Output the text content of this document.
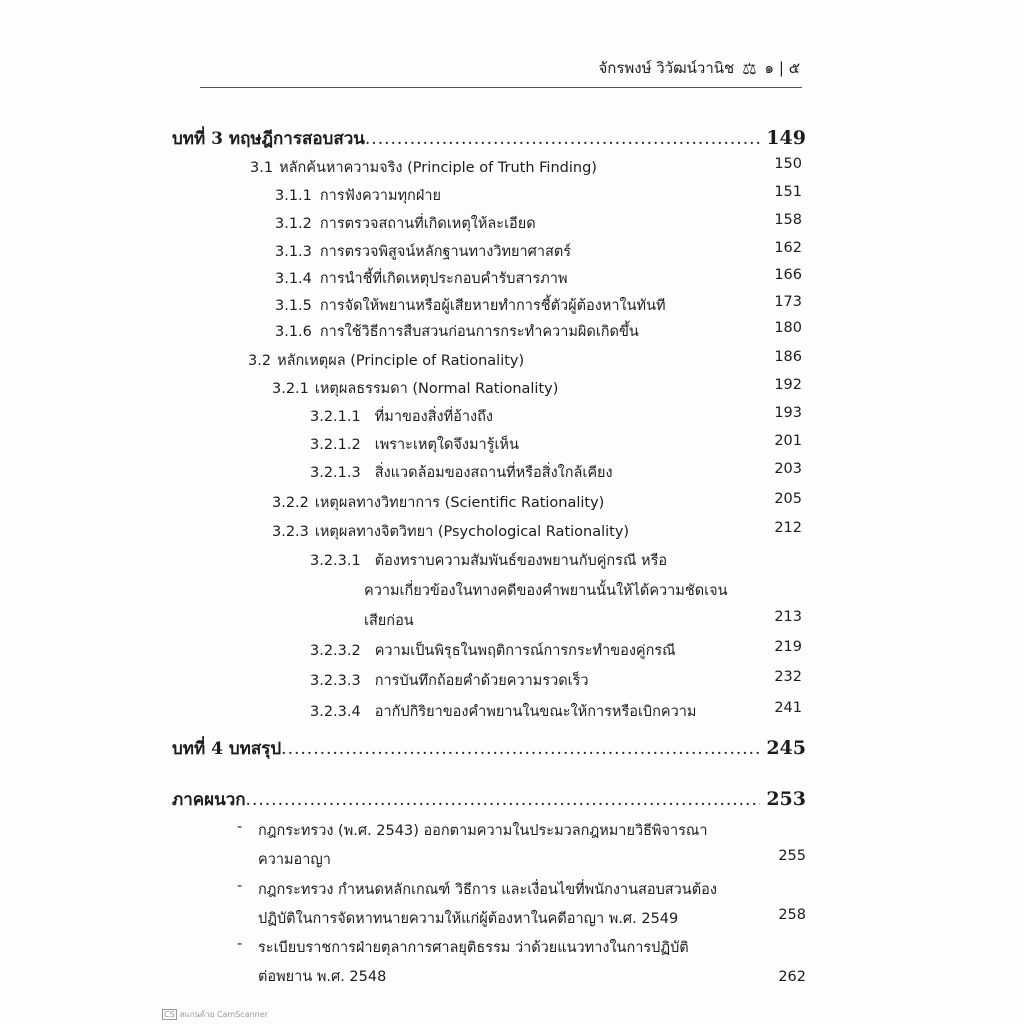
จักรพงษ์ วิวัฒน์วานิช ⚖ ๑ | ๕
บทที่ 3 ทฤษฎีการสอบสวน .....	149
3.1 หลักค้นหาความจริง (Principle of Truth Finding)	150
3.1.1 การฟังความทุกฝ่าย	151
3.1.2 การตรวจสถานที่เกิดเหตุให้ละเอียด	158
3.1.3 การตรวจพิสูจน์หลักฐานทางวิทยาศาสตร์	162
3.1.4 การนำชี้ที่เกิดเหตุประกอบคำรับสารภาพ	166
3.1.5 การจัดให้พยานหรือผู้เสียหายทำการชี้ตัวผู้ต้องหาในทันที	173
3.1.6 การใช้วิธีการสืบสวนก่อนการกระทำความผิดเกิดขึ้น	180
3.2 หลักเหตุผล (Principle of Rationality)	186
3.2.1 เหตุผลธรรมดา (Normal Rationality)	192
3.2.1.1 ที่มาของสิ่งที่อ้างถึง	193
3.2.1.2 เพราะเหตุใดจึงมารู้เห็น	201
3.2.1.3 สิ่งแวดล้อมของสถานที่หรือสิ่งใกล้เคียง	203
3.2.2 เหตุผลทางวิทยาการ (Scientific Rationality)	205
3.2.3 เหตุผลทางจิตวิทยา (Psychological Rationality)	212
3.2.3.1 ต้องทราบความสัมพันธ์ของพยานกับคู่กรณี หรือ
ความเกี่ยวข้องในทางคดีของคำพยานนั้นให้ได้ความชัดเจน
เสียก่อน	213
3.2.3.2 ความเป็นพิรุธในพฤติการณ์การกระทำของคู่กรณี	219
3.2.3.3 การบันทึกถ้อยคำด้วยความรวดเร็ว	232
3.2.3.4 อากัปกิริยาของคำพยานในขณะให้การหรือเบิกความ	241
บทที่ 4 บทสรุป .....	245
ภาคผนวก .....	253
- กฎกระทรวง (พ.ศ. 2543) ออกตามความในประมวลกฎหมายวิธีพิจารณา
ความอาญา	255
- กฎกระทรวง กำหนดหลักเกณฑ์ วิธีการ และเงื่อนไขที่พนักงานสอบสวนต้อง
ปฏิบัติในการจัดหาทนายความให้แก่ผู้ต้องหาในคดีอาญา พ.ศ. 2549	258
- ระเบียบราชการฝ่ายตุลาการศาลยุติธรรม ว่าด้วยแนวทางในการปฏิบัติ
ต่อพยาน พ.ศ. 2548	262
CS สแกนด้วย CamScanner
